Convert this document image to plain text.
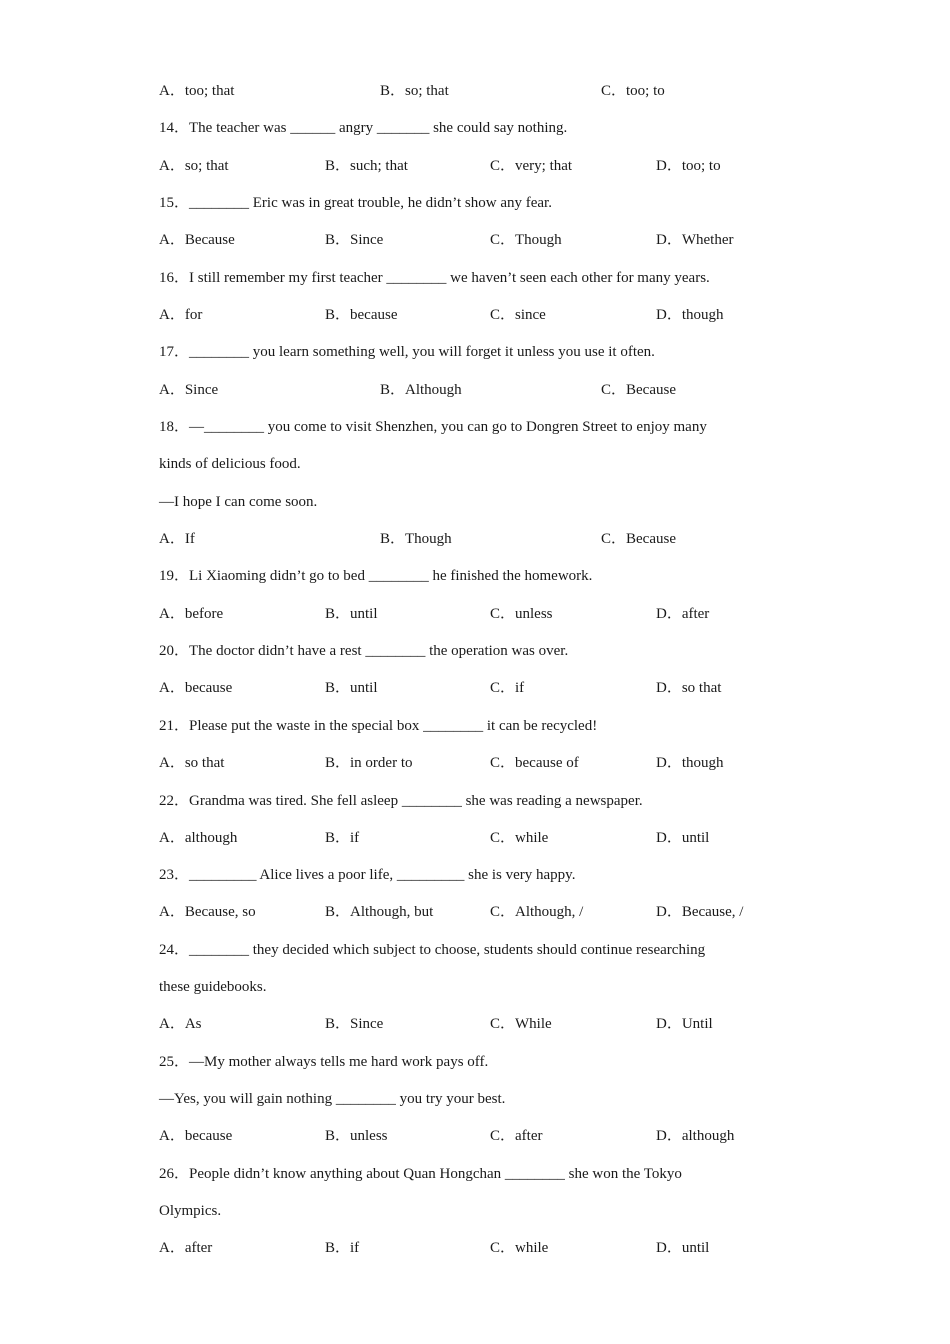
A．too; that	B．so; that	C．too; to
14．The teacher was ______ angry _______ she could say nothing.
A．so; that	B．such; that	C．very; that	D．too; to
15．________ Eric was in great trouble, he didn’t show any fear.
A．Because	B．Since	C．Though	D．Whether
16．I still remember my first teacher ________ we haven’t seen each other for many years.
A．for	B．because	C．since	D．though
17．________ you learn something well, you will forget it unless you use it often.
A．Since	B．Although	C．Because
18．—________ you come to visit Shenzhen, you can go to Dongren Street to enjoy many
kinds of delicious food.
—I hope I can come soon.
A．If	B．Though	C．Because
19．Li Xiaoming didn’t go to bed ________ he finished the homework.
A．before	B．until	C．unless	D．after
20．The doctor didn’t have a rest ________ the operation was over.
A．because	B．until	C．if	D．so that
21．Please put the waste in the special box ________ it can be recycled!
A．so that	B．in order to	C．because of	D．though
22．Grandma was tired. She fell asleep ________ she was reading a newspaper.
A．although	B．if	C．while	D．until
23．_________ Alice lives a poor life, _________ she is very happy.
A．Because, so	B．Although, but	C．Although, /	D．Because, /
24．________ they decided which subject to choose, students should continue researching
these guidebooks.
A．As	B．Since	C．While	D．Until
25．—My mother always tells me hard work pays off.
—Yes, you will gain nothing ________ you try your best.
A．because	B．unless	C．after	D．although
26．People didn’t know anything about Quan Hongchan ________ she won the Tokyo
Olympics.
A．after	B．if	C．while	D．until
